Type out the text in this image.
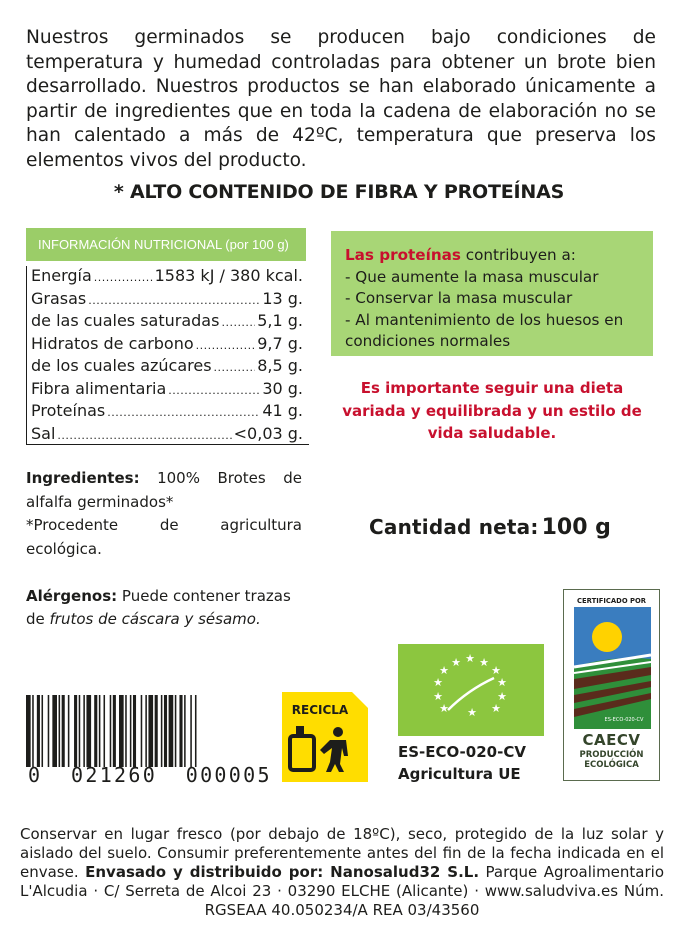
Nuestros germinados se producen bajo condiciones de temperatura y humedad controladas para obtener un brote bien desarrollado. Nuestros productos se han elaborado únicamente a partir de ingredientes que en toda la cadena de elaboración no se han calentado a más de 42ºC, temperatura que preserva los elementos vivos del producto.
* ALTO CONTENIDO DE FIBRA Y PROTEÍNAS
INFORMACIÓN NUTRICIONAL (por 100 g)
Energía .....	1583 kJ / 380 kcal.
Grasas .....	13 g.
de las cuales saturadas ..... 5,1 g.
Hidratos de carbono .....	9,7 g.
de los cuales azúcares .....	8,5 g.
Fibra alimentaria .....	30 g.
Proteínas .....	41 g.
Sal .....	<0,03 g.
Las proteínas contribuyen a:
- Que aumente la masa muscular
- Conservar la masa muscular
- Al mantenimiento de los huesos en condiciones normales
Es importante seguir una dieta variada y equilibrada y un estilo de vida saludable.
Ingredientes: 100% Brotes de alfalfa germinados*
*Procedente de agricultura ecológica.
Cantidad neta: 100 g
Alérgenos: Puede contener trazas de frutos de cáscara y sésamo.
0  021260  000005
RECICLA	★
★
★
★
★ ★ ★
★
★
★
★
★
ES-ECO-020-CV
Agricultura UE
CERTIFICADO POR
ES-ECO-020-CV
CAECV
PRODUCCIÓN
ECOLÓGICA
Conservar en lugar fresco (por debajo de 18ºC), seco, protegido de la luz solar y aislado del suelo. Consumir preferentemente antes del fin de la fecha indicada en el envase. Envasado y distribuido por: Nanosalud32 S.L. Parque Agroalimentario L'Alcudia · C/ Serreta de Alcoi 23 · 03290 ELCHE (Alicante) · www.saludviva.es Núm. RGSEAA 40.050234/A REA 03/43560
